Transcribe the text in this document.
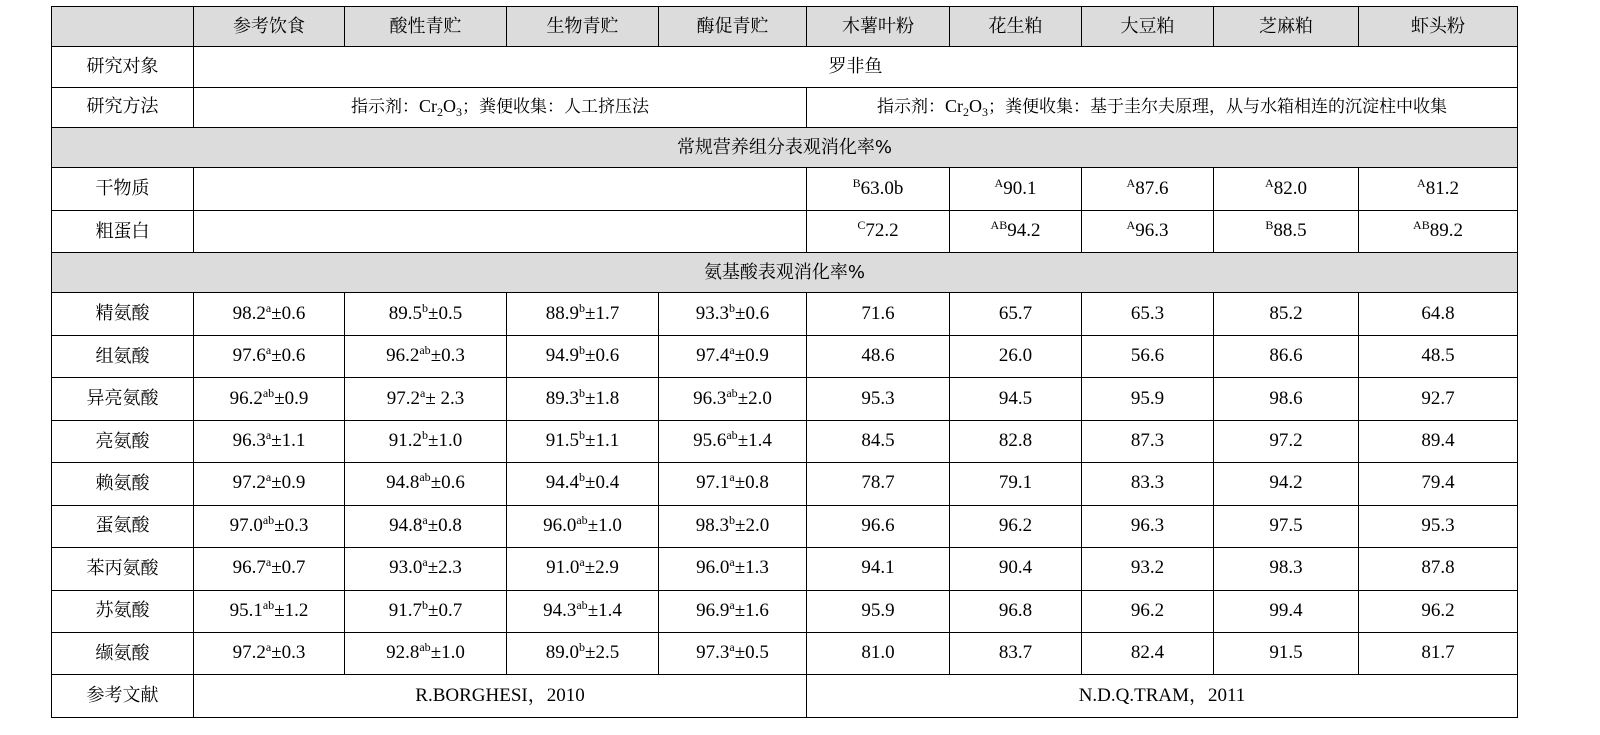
	参考饮食	酸性青贮	生物青贮	酶促青贮	木薯叶粉	花生粕	大豆粕	芝麻粕	虾头粉
研究对象	罗非鱼								
研究方法	指示剂：$Cr_2O_3$；粪便收集：人工挤压法				指示剂：$Cr_2O_3$；粪便收集：基于圭尔夫原理，从与水箱相连的沉淀柱中收集				
常规营养组分表观消化率%									
干物质					$^B$63.0b	$^A$90.1	$^A$87.6	$^A$82.0	$^A$81.2
粗蛋白					$^C$72.2	$^{AB}$94.2	$^A$96.3	$^B$88.5	$^{AB}$89.2
氨基酸表观消化率%									
精氨酸	98.2$^a$±0.6	89.5$^b$±0.5	88.9$^b$±1.7	93.3$^b$±0.6	71.6	65.7	65.3	85.2	64.8
组氨酸	97.6$^a$±0.6	96.2$^{ab}$±0.3	94.9$^b$±0.6	97.4$^a$±0.9	48.6	26.0	56.6	86.6	48.5
异亮氨酸	96.2$^{ab}$±0.9	97.2$^a$± 2.3	89.3$^b$±1.8	96.3$^{ab}$±2.0	95.3	94.5	95.9	98.6	92.7
亮氨酸	96.3$^a$±1.1	91.2$^b$±1.0	91.5$^b$±1.1	95.6$^{ab}$±1.4	84.5	82.8	87.3	97.2	89.4
赖氨酸	97.2$^a$±0.9	94.8$^{ab}$±0.6	94.4$^b$±0.4	97.1$^a$±0.8	78.7	79.1	83.3	94.2	79.4
蛋氨酸	97.0$^{ab}$±0.3	94.8$^a$±0.8	96.0$^{ab}$±1.0	98.3$^b$±2.0	96.6	96.2	96.3	97.5	95.3
苯丙氨酸	96.7$^a$±0.7	93.0$^a$±2.3	91.0$^a$±2.9	96.0$^a$±1.3	94.1	90.4	93.2	98.3	87.8
苏氨酸	95.1$^{ab}$±1.2	91.7$^b$±0.7	94.3$^{ab}$±1.4	96.9$^a$±1.6	95.9	96.8	96.2	99.4	96.2
缬氨酸	97.2$^a$±0.3	92.8$^{ab}$±1.0	89.0$^b$±2.5	97.3$^a$±0.5	81.0	83.7	82.4	91.5	81.7
参考文献	R.BORGHESI，2010				N.D.Q.TRAM，2011				
